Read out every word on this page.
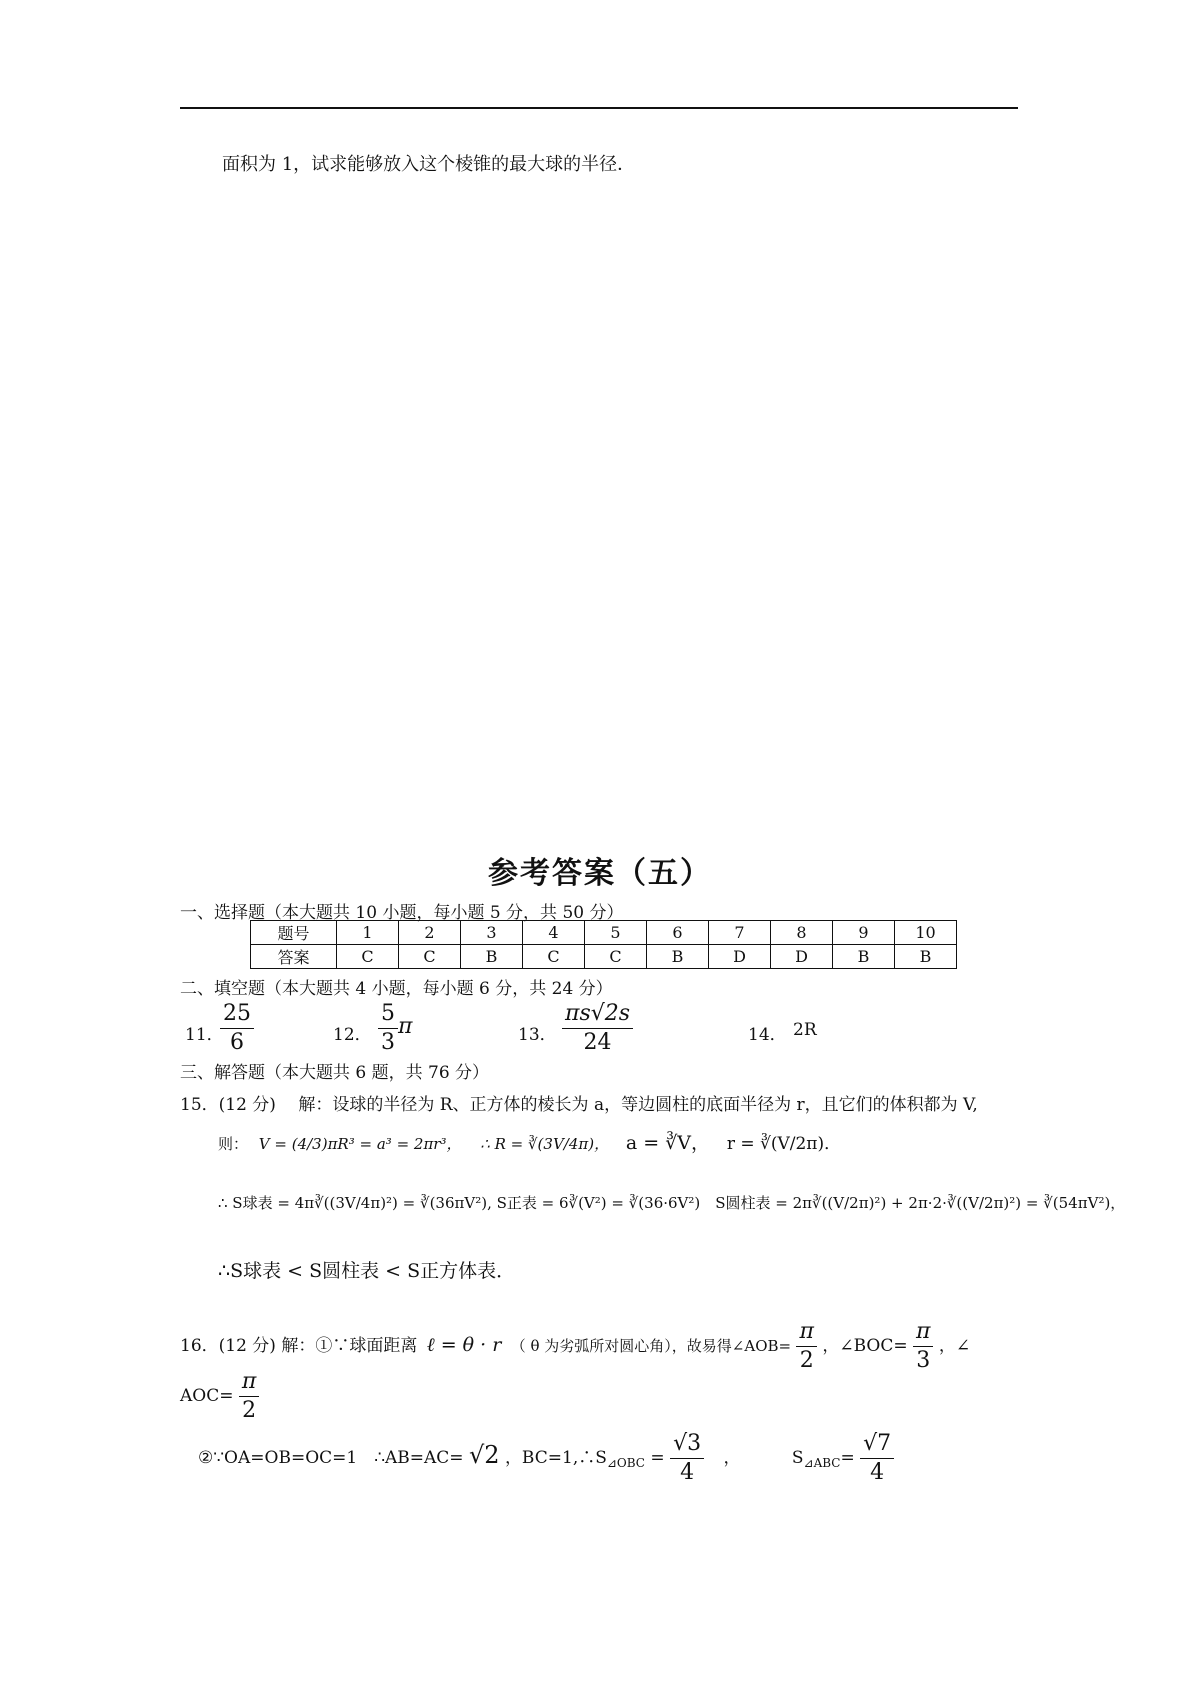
面积为 1，试求能够放入这个棱锥的最大球的半径．
参考答案（五）
一、选择题（本大题共 10 小题，每小题 5 分，共 50 分）
题号	1	2	3	4	5	6	7	8	9	10
答案	C	C	B	C	C	B	D	D	B	B
二、填空题（本大题共 4 小题，每小题 6 分，共 24 分）
11．
$\frac{25}{6}$	12． $\frac{5}{3}$ π	13． $\frac{\pi s√2s}{24}$	14． 2R
三、解答题（本大题共 6 题，共 76 分）
15．(12 分)　 解：设球的半径为 R、正方体的棱长为 a，等边圆柱的底面半径为 r，且它们的体积都为 V,
则： V = (4/3)πR³ = a³ = 2πr³， ∴ R = ∛(3V/4π)， a = ∛V， r = ∛(V/2π)．
∴ S球表 = 4π∛((3V/4π)²) = ∛(36πV²), S正表 = 6∛(V²) = ∛(36·6V²)　S圆柱表 = 2π∛((V/2π)²) + 2π·2·∛((V/2π)²) = ∛(54πV²)，
∴S球表 < S圆柱表 < S正方体表．
16．(12 分) 解：①∵球面距离 ℓ = θ · r （ θ 为劣弧所对圆心角），故易得∠AOB= $\frac{\pi}{2}$ ，∠BOC= $\frac{\pi}{3}$ ，∠
$AOC= \frac{\pi}{2}$
②∵OA=OB=OC=1　∴AB=AC= √2 ，$BC=1,\therefore S_{⊿OBC} = \frac{√3}{4}$ ，	$S_{⊿ABC}= \frac{√7}{4}$
